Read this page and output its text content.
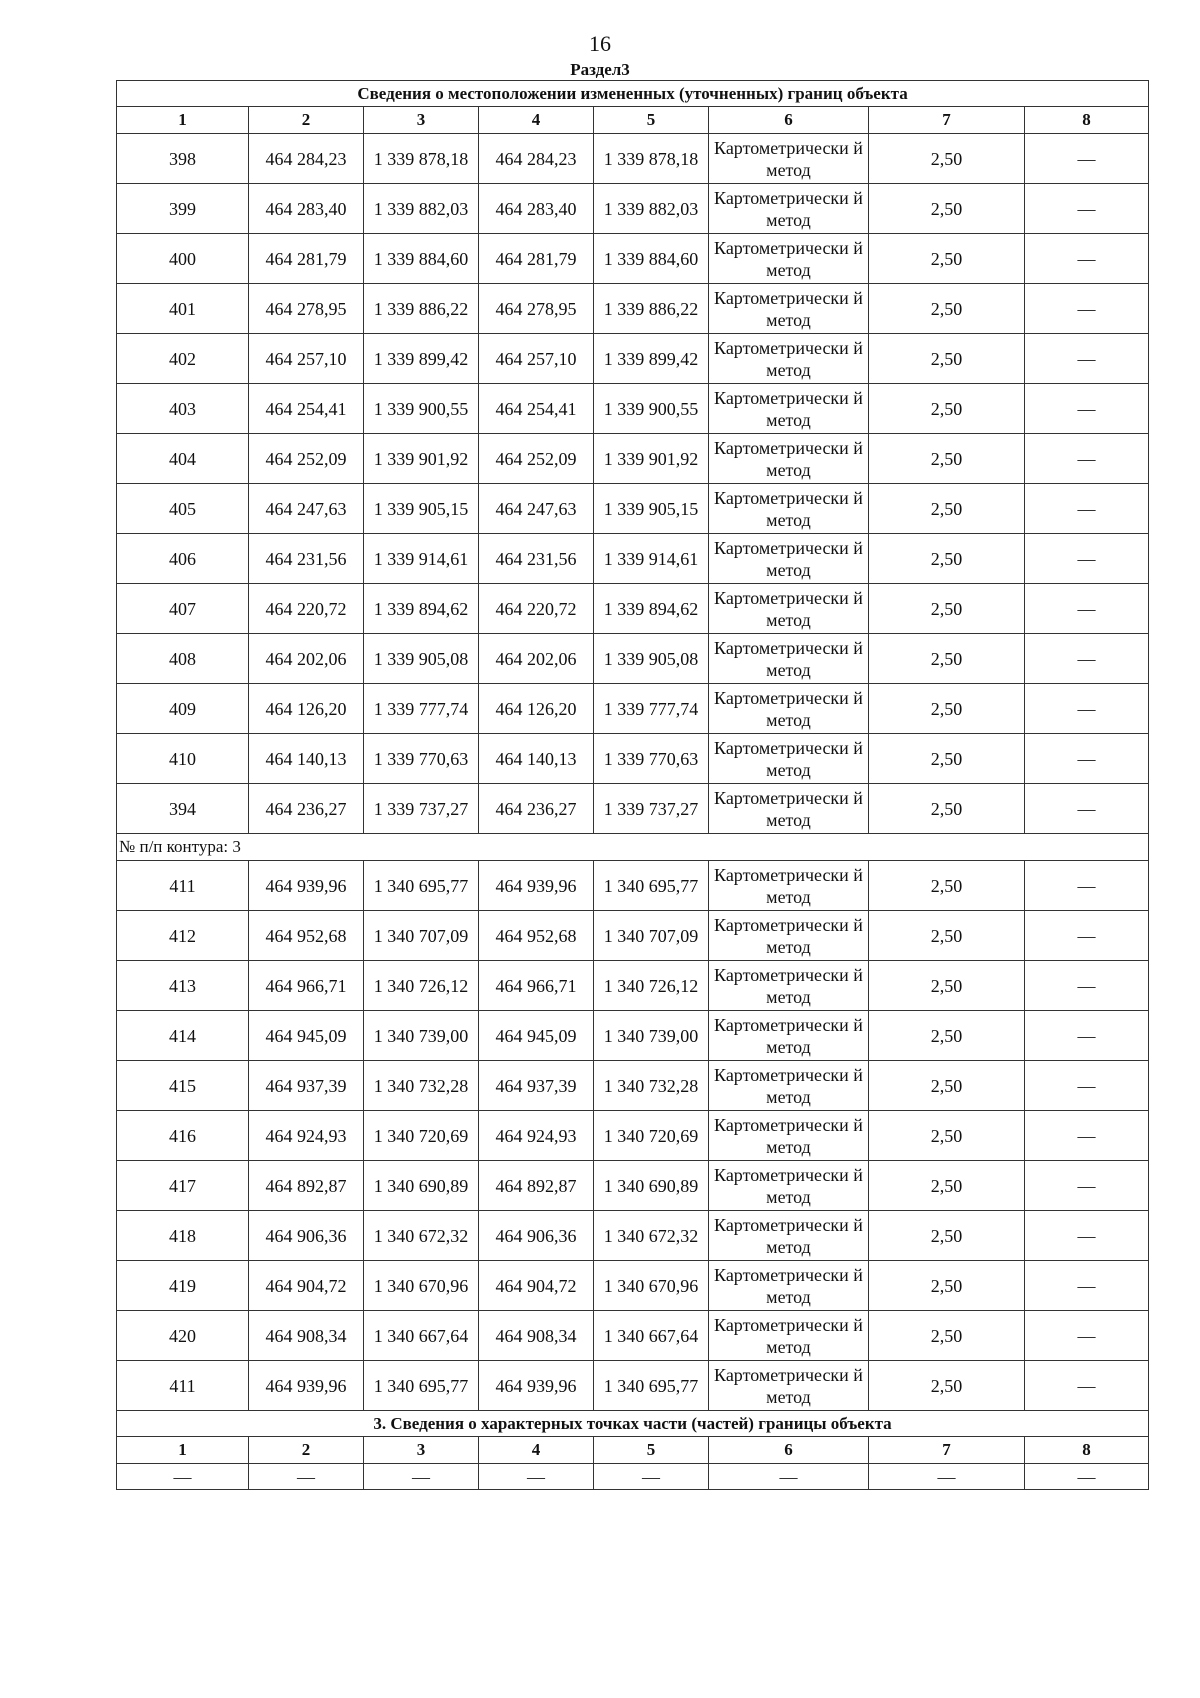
16
Раздел3
Сведения о местоположении измененных (уточненных) границ объекта							
1	2	3	4	5	6	7	8
398	464 284,23	1 339 878,18	464 284,23	1 339 878,18	Картометрически й метод	2,50	—
399	464 283,40	1 339 882,03	464 283,40	1 339 882,03	Картометрически й метод	2,50	—
400	464 281,79	1 339 884,60	464 281,79	1 339 884,60	Картометрически й метод	2,50	—
401	464 278,95	1 339 886,22	464 278,95	1 339 886,22	Картометрически й метод	2,50	—
402	464 257,10	1 339 899,42	464 257,10	1 339 899,42	Картометрически й метод	2,50	—
403	464 254,41	1 339 900,55	464 254,41	1 339 900,55	Картометрически й метод	2,50	—
404	464 252,09	1 339 901,92	464 252,09	1 339 901,92	Картометрически й метод	2,50	—
405	464 247,63	1 339 905,15	464 247,63	1 339 905,15	Картометрически й метод	2,50	—
406	464 231,56	1 339 914,61	464 231,56	1 339 914,61	Картометрически й метод	2,50	—
407	464 220,72	1 339 894,62	464 220,72	1 339 894,62	Картометрически й метод	2,50	—
408	464 202,06	1 339 905,08	464 202,06	1 339 905,08	Картометрически й метод	2,50	—
409	464 126,20	1 339 777,74	464 126,20	1 339 777,74	Картометрически й метод	2,50	—
410	464 140,13	1 339 770,63	464 140,13	1 339 770,63	Картометрически й метод	2,50	—
394	464 236,27	1 339 737,27	464 236,27	1 339 737,27	Картометрически й метод	2,50	—
№ п/п контура: 3							
411	464 939,96	1 340 695,77	464 939,96	1 340 695,77	Картометрически й метод	2,50	—
412	464 952,68	1 340 707,09	464 952,68	1 340 707,09	Картометрически й метод	2,50	—
413	464 966,71	1 340 726,12	464 966,71	1 340 726,12	Картометрически й метод	2,50	—
414	464 945,09	1 340 739,00	464 945,09	1 340 739,00	Картометрически й метод	2,50	—
415	464 937,39	1 340 732,28	464 937,39	1 340 732,28	Картометрически й метод	2,50	—
416	464 924,93	1 340 720,69	464 924,93	1 340 720,69	Картометрически й метод	2,50	—
417	464 892,87	1 340 690,89	464 892,87	1 340 690,89	Картометрически й метод	2,50	—
418	464 906,36	1 340 672,32	464 906,36	1 340 672,32	Картометрически й метод	2,50	—
419	464 904,72	1 340 670,96	464 904,72	1 340 670,96	Картометрически й метод	2,50	—
420	464 908,34	1 340 667,64	464 908,34	1 340 667,64	Картометрически й метод	2,50	—
411	464 939,96	1 340 695,77	464 939,96	1 340 695,77	Картометрически й метод	2,50	—
3. Сведения о характерных точках части (частей) границы объекта							
1	2	3	4	5	6	7	8
—	—	—	—	—	—	—	—
